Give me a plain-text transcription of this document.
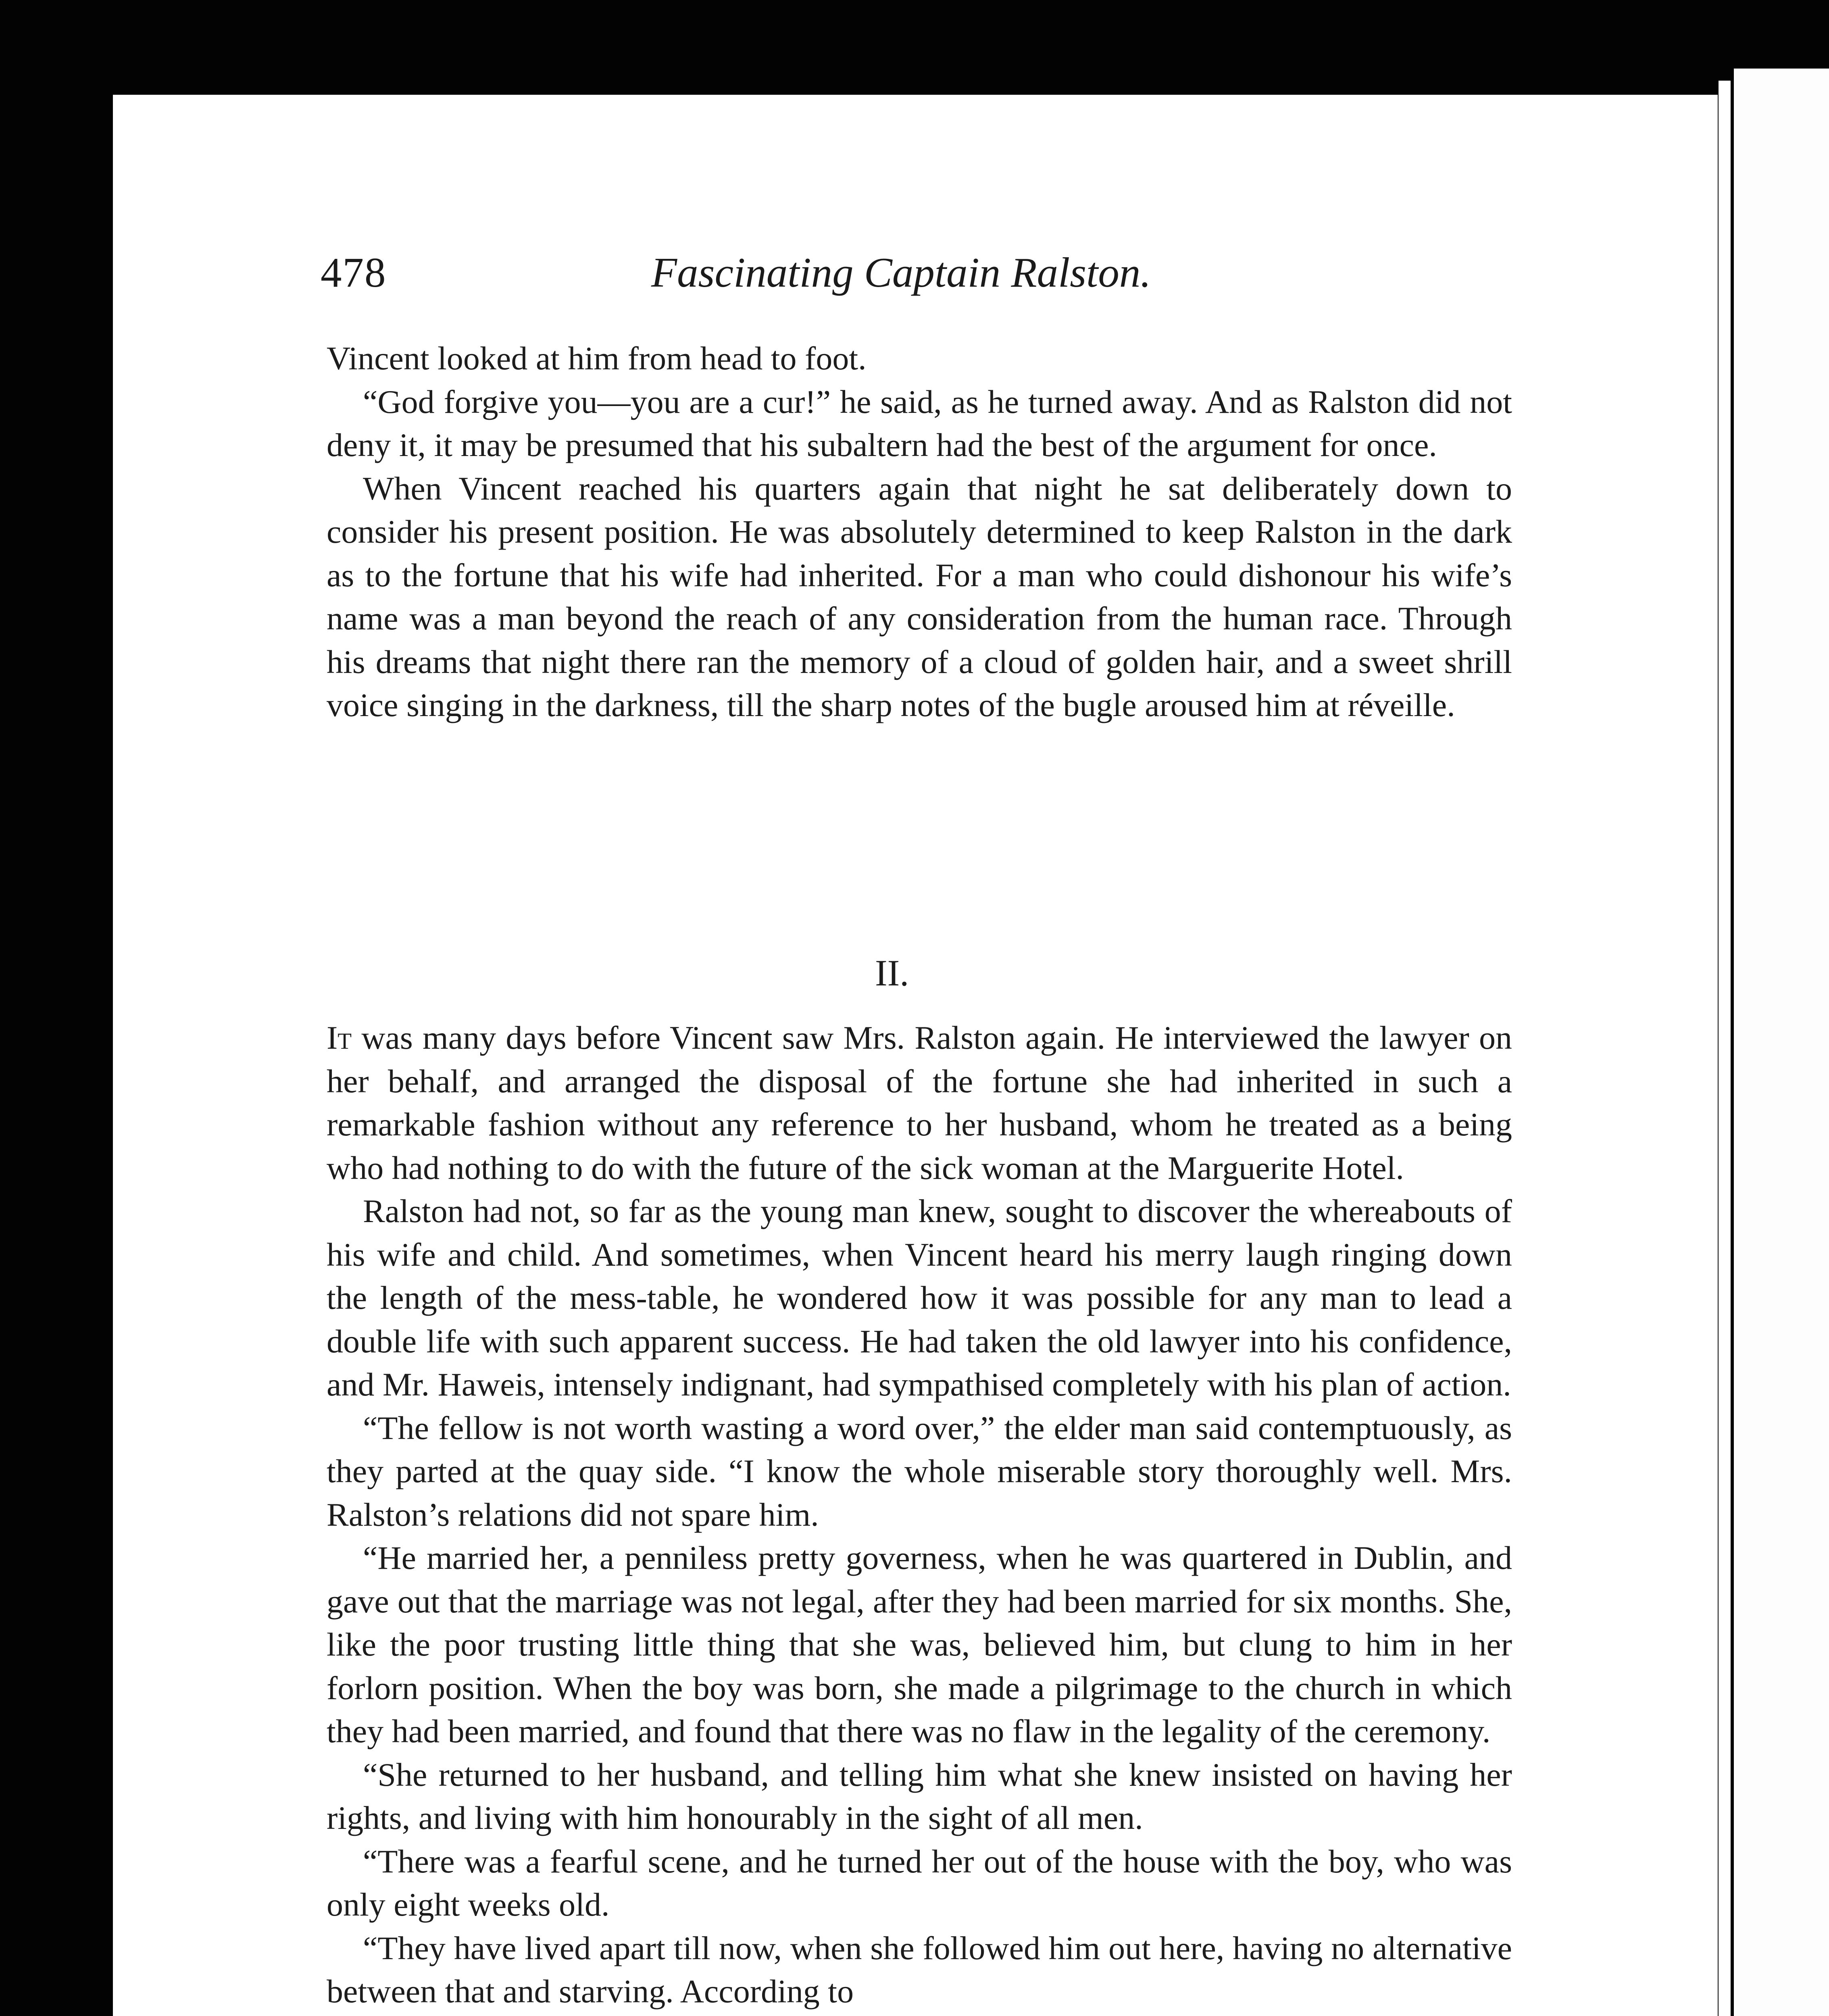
478	Fascinating Captain Ralston.

Vincent looked at him from head to foot.

“God forgive you—you are a cur!” he said, as he turned away. And as Ralston did not deny it, it may be presumed that his subaltern had the best of the argument for once.

When Vincent reached his quarters again that night he sat deliberately down to consider his present position. He was absolutely determined to keep Ralston in the dark as to the fortune that his wife had inherited. For a man who could dishonour his wife’s name was a man beyond the reach of any consideration from the human race. Through his dreams that night there ran the memory of a cloud of golden hair, and a sweet shrill voice singing in the darkness, till the sharp notes of the bugle aroused him at réveille.

II.

It was many days before Vincent saw Mrs. Ralston again. He interviewed the lawyer on her behalf, and arranged the disposal of the fortune she had inherited in such a remarkable fashion without any reference to her husband, whom he treated as a being who had nothing to do with the future of the sick woman at the Marguerite Hotel.

Ralston had not, so far as the young man knew, sought to discover the whereabouts of his wife and child. And sometimes, when Vincent heard his merry laugh ringing down the length of the mess-table, he wondered how it was possible for any man to lead a double life with such apparent success. He had taken the old lawyer into his confidence, and Mr. Haweis, intensely indignant, had sympathised completely with his plan of action.

“The fellow is not worth wasting a word over,” the elder man said contemptuously, as they parted at the quay side. “I know the whole miserable story thoroughly well. Mrs. Ralston’s relations did not spare him.

“He married her, a penniless pretty governess, when he was quartered in Dublin, and gave out that the marriage was not legal, after they had been married for six months. She, like the poor trusting little thing that she was, believed him, but clung to him in her forlorn position. When the boy was born, she made a pilgrimage to the church in which they had been married, and found that there was no flaw in the legality of the ceremony.

“She returned to her husband, and telling him what she knew insisted on having her rights, and living with him honourably in the sight of all men.

“There was a fearful scene, and he turned her out of the house with the boy, who was only eight weeks old.

“They have lived apart till now, when she followed him out here, having no alternative between that and starving. According to
